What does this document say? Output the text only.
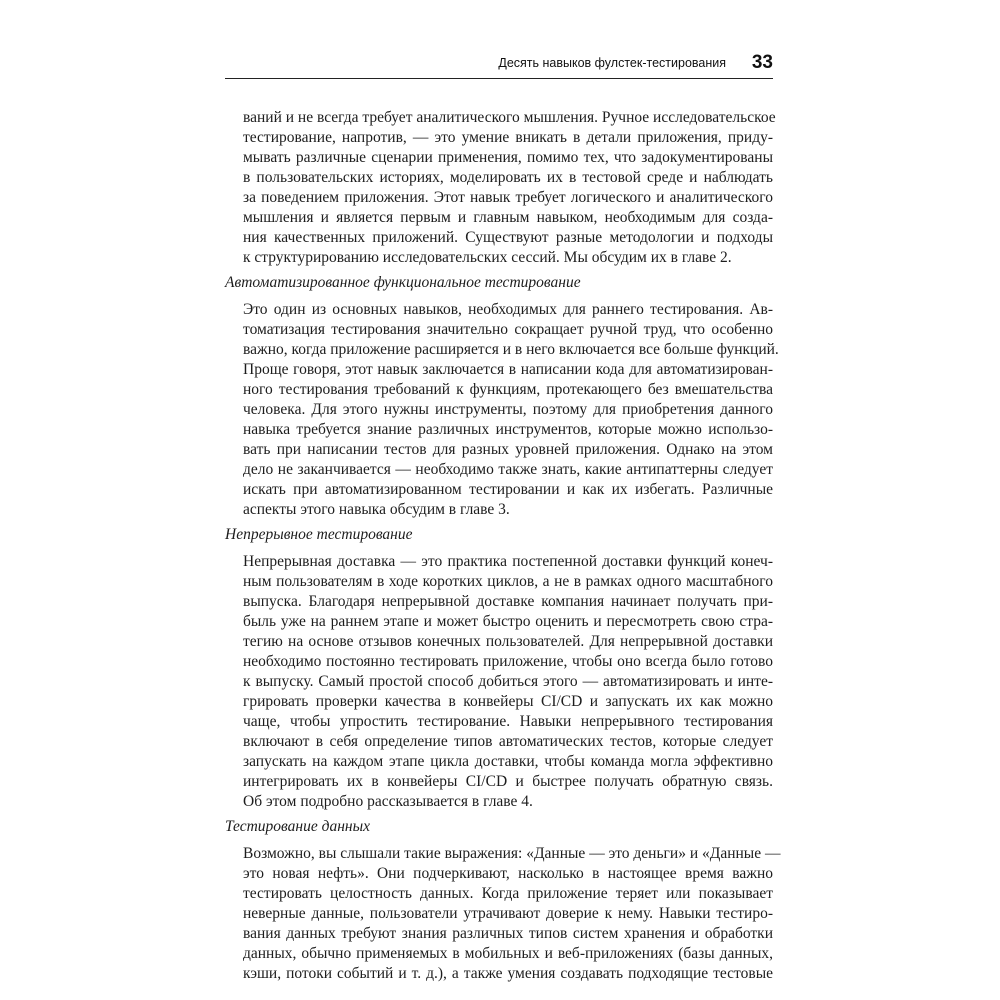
Десять навыков фулстек-тестирования 33
ваний и не всегда требует аналитического мышления. Ручное исследовательское
тестирование, напротив, — это умение вникать в детали приложения, приду-
мывать различные сценарии применения, помимо тех, что задокументированы
в пользовательских историях, моделировать их в тестовой среде и наблюдать
за поведением приложения. Этот навык требует логического и аналитического
мышления и является первым и главным навыком, необходимым для созда-
ния качественных приложений. Существуют разные методологии и подходы
к структурированию исследовательских сессий. Мы обсудим их в главе 2.
Автоматизированное функциональное тестирование
Это один из основных навыков, необходимых для раннего тестирования. Ав-
томатизация тестирования значительно сокращает ручной труд, что особенно
важно, когда приложение расширяется и в него включается все больше функций.
Проще говоря, этот навык заключается в написании кода для автоматизирован-
ного тестирования требований к функциям, протекающего без вмешательства
человека. Для этого нужны инструменты, поэтому для приобретения данного
навыка требуется знание различных инструментов, которые можно использо-
вать при написании тестов для разных уровней приложения. Однако на этом
дело не заканчивается — необходимо также знать, какие антипаттерны следует
искать при автоматизированном тестировании и как их избегать. Различные
аспекты этого навыка обсудим в главе 3.
Непрерывное тестирование
Непрерывная доставка — это практика постепенной доставки функций конеч-
ным пользователям в ходе коротких циклов, а не в рамках одного масштабного
выпуска. Благодаря непрерывной доставке компания начинает получать при-
быль уже на раннем этапе и может быстро оценить и пересмотреть свою стра-
тегию на основе отзывов конечных пользователей. Для непрерывной доставки
необходимо постоянно тестировать приложение, чтобы оно всегда было готово
к выпуску. Самый простой способ добиться этого — автоматизировать и инте-
грировать проверки качества в конвейеры CI/CD и запускать их как можно
чаще, чтобы упростить тестирование. Навыки непрерывного тестирования
включают в себя определение типов автоматических тестов, которые следует
запускать на каждом этапе цикла доставки, чтобы команда могла эффективно
интегрировать их в конвейеры CI/CD и быстрее получать обратную связь.
Об этом подробно рассказывается в главе 4.
Тестирование данных
Возможно, вы слышали такие выражения: «Данные — это деньги» и «Данные —
это новая нефть». Они подчеркивают, насколько в настоящее время важно
тестировать целостность данных. Когда приложение теряет или показывает
неверные данные, пользователи утрачивают доверие к нему. Навыки тестиро-
вания данных требуют знания различных типов систем хранения и обработки
данных, обычно применяемых в мобильных и веб-приложениях (базы данных,
кэши, потоки событий и т. д.), а также умения создавать подходящие тестовые
